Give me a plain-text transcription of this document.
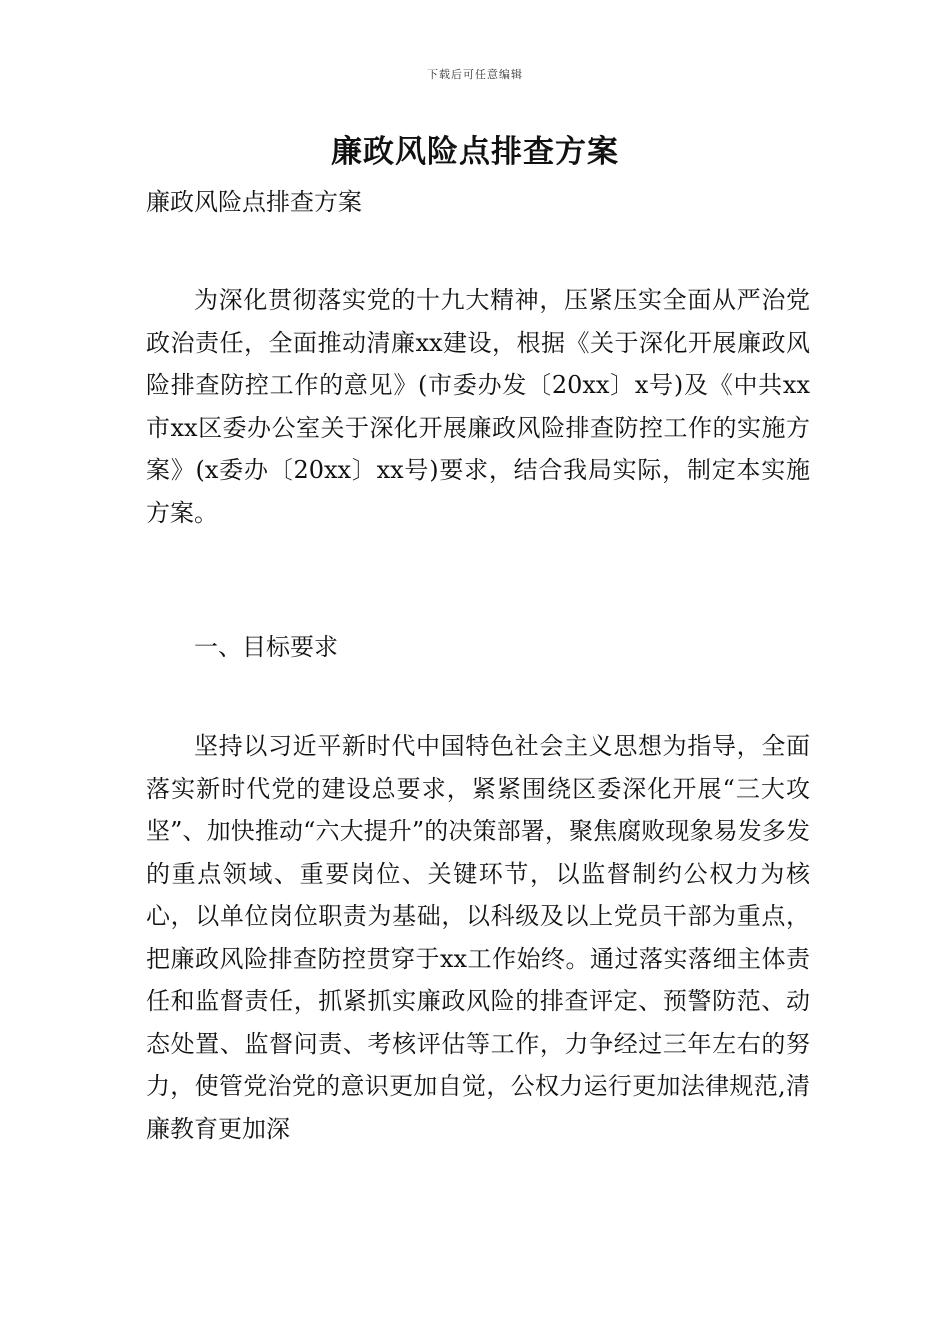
下载后可任意编辑
廉政风险点排查方案

廉政风险点排查方案

为深化贯彻落实党的十九大精神，压紧压实全面从严治党政治责任，全面推动清廉xx建设，根据《关于深化开展廉政风险排查防控工作的意见》(市委办发〔20xx〕x号)及《中共xx市xx区委办公室关于深化开展廉政风险排查防控工作的实施方案》(x委办〔20xx〕xx号)要求，结合我局实际，制定本实施方案。

一、目标要求

坚持以习近平新时代中国特色社会主义思想为指导，全面落实新时代党的建设总要求，紧紧围绕区委深化开展“三大攻坚”、加快推动“六大提升”的决策部署，聚焦腐败现象易发多发的重点领域、重要岗位、关键环节，以监督制约公权力为核心，以单位岗位职责为基础，以科级及以上党员干部为重点，把廉政风险排查防控贯穿于xx工作始终。通过落实落细主体责任和监督责任，抓紧抓实廉政风险的排查评定、预警防范、动态处置、监督问责、考核评估等工作，力争经过三年左右的努力，使管党治党的意识更加自觉，公权力运行更加法律规范,清廉教育更加深
